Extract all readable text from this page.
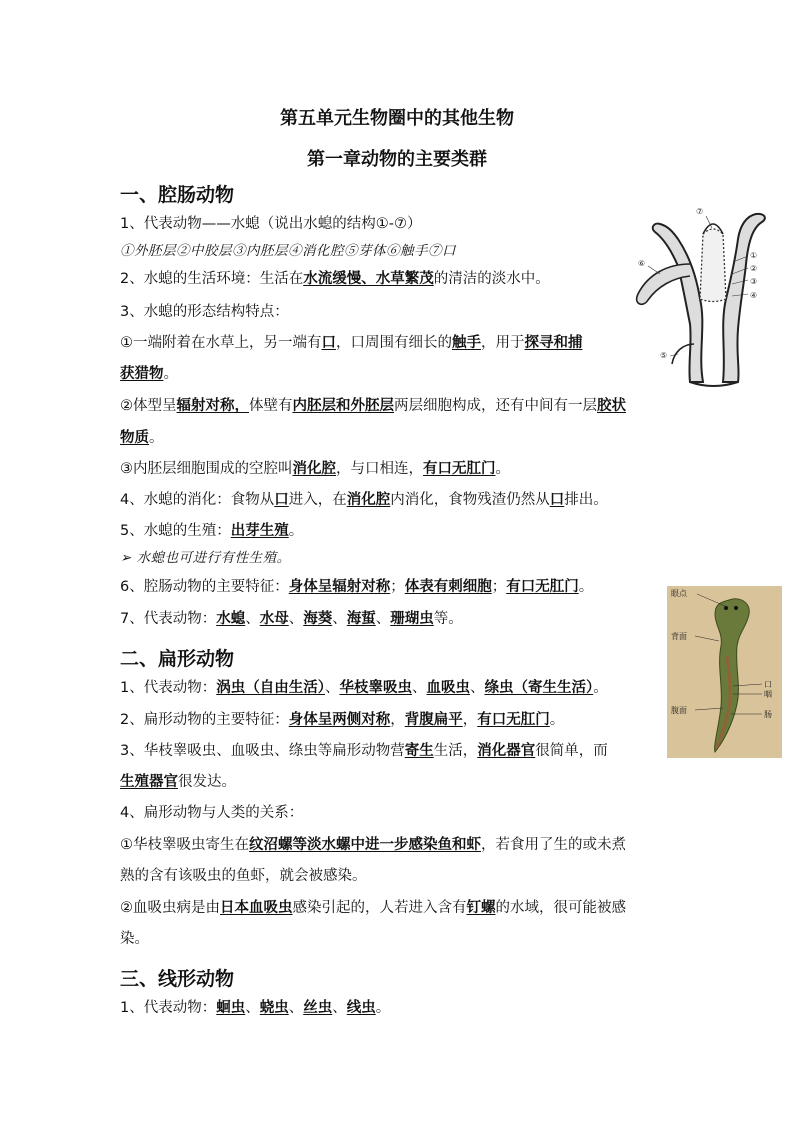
第五单元生物圈中的其他生物
第一章动物的主要类群
一、腔肠动物
1、代表动物——水螅（说出水螅的结构①-⑦）
①外胚层②中胶层③内胚层④消化腔⑤芽体⑥触手⑦口
2、水螅的生活环境：生活在水流缓慢、水草繁茂的清洁的淡水中。
3、水螅的形态结构特点：
①一端附着在水草上，另一端有口，口周围有细长的触手，用于探寻和捕
获猎物。
②体型呈辐射对称，体壁有内胚层和外胚层两层细胞构成，还有中间有一层胶状
物质。
③内胚层细胞围成的空腔叫消化腔，与口相连，有口无肛门。
4、水螅的消化：食物从口进入，在消化腔内消化，食物残渣仍然从口排出。
5、水螅的生殖：出芽生殖。
➢ 水螅也可进行有性生殖。
6、腔肠动物的主要特征：身体呈辐射对称；体表有刺细胞；有口无肛门。
7、代表动物：水螅、水母、海葵、海蜇、珊瑚虫等。
⑦
⑥
①
②
③
④
⑤
二、扁形动物
1、代表动物：涡虫（自由生活）、华枝睾吸虫、血吸虫、绦虫（寄生生活）。
2、扁形动物的主要特征：身体呈两侧对称，背腹扁平，有口无肛门。
3、华枝睾吸虫、血吸虫、绦虫等扁形动物营寄生生活，消化器官很简单，而
生殖器官很发达。
4、扁形动物与人类的关系：
①华枝睾吸虫寄生在纹沼螺等淡水螺中进一步感染鱼和虾，若食用了生的或未煮
熟的含有该吸虫的鱼虾，就会被感染。
②血吸虫病是由日本血吸虫感染引起的，人若进入含有钉螺的水域，很可能被感
染。
眼点
背面
口
咽
腹面	肠
三、线形动物
1、代表动物：蛔虫、蛲虫、丝虫、线虫。
